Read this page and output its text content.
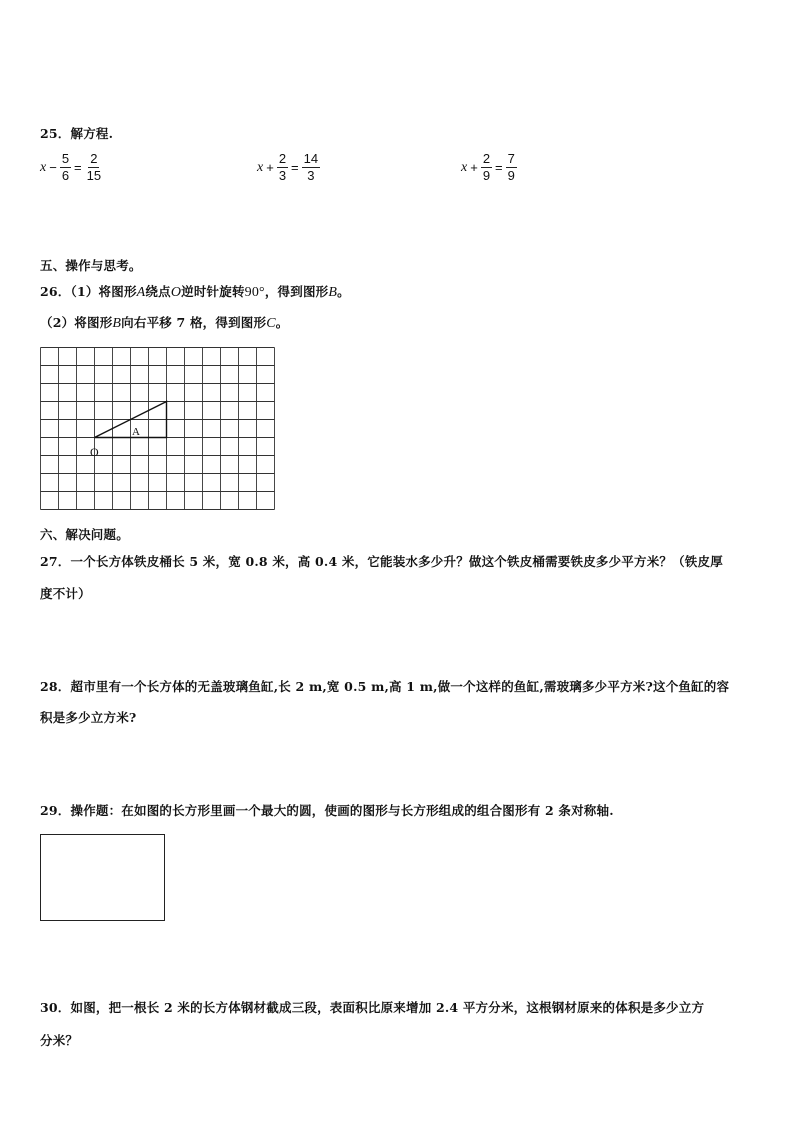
25．解方程.
$x - \frac{5}{6} = \frac{2}{15}$	$x + \frac{2}{3} = \frac{14}{3}$	$x + \frac{2}{9} = \frac{7}{9}$
五、操作与思考。
26．（1）将图形A绕点O逆时针旋转90°，得到图形B。
（2）将图形B向右平移 7 格，得到图形C。
A
O
六、解决问题。
27．一个长方体铁皮桶长 5 米，宽 0.8 米，高 0.4 米，它能装水多少升？做这个铁皮桶需要铁皮多少平方米？（铁皮厚
度不计）
28．超市里有一个长方体的无盖玻璃鱼缸,长 2 m,宽 0.5 m,高 1 m,做一个这样的鱼缸,需玻璃多少平方米?这个鱼缸的容
积是多少立方米?
29．操作题：在如图的长方形里画一个最大的圆，使画的图形与长方形组成的组合图形有 2 条对称轴.
30．如图，把一根长 2 米的长方体钢材截成三段，表面积比原来增加 2.4 平方分米，这根钢材原来的体积是多少立方
分米？
